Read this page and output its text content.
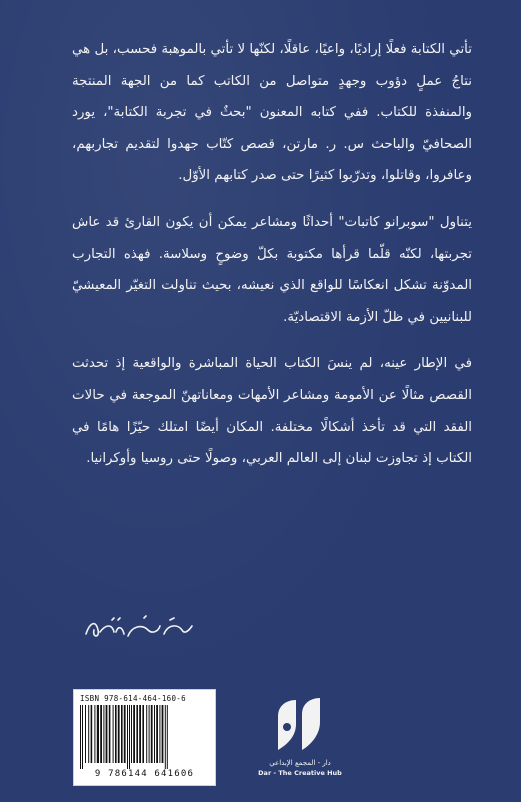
تأتي الكتابة فعلًا إراديًا، واعيًا، عاقلًا، لكنّها لا تأتي بالموهبة فحسب، بل هي نتاجُ عملٍ دؤوب وجهدٍ متواصل من الكاتب كما من الجهة المنتجة والمنفذة للكتاب. ففي كتابه المعنون "بحثٌ في تجربة الكتابة"، يورد الصحافيّ والباحث س. ر. مارتن، قصص كتّاب جهدوا لتقديم تجاربهم، وعافروا، وقاتلوا، وتدرّبوا كثيرًا حتى صدر كتابهم الأوّل.

يتناول "سوبرانو كاتبات" أحداثًا ومشاعر يمكن أن يكون القارئ قد عاش تجربتها، لكنّه قلّما قرأها مكتوبة بكلّ وضوحٍ وسلاسة. فهذه التجارب المدوّنة تشكل انعكاسًا للواقع الذي نعيشه، بحيث تناولت التغيّر المعيشيّ للبنانيين في ظلّ الأزمة الاقتصاديّة.

في الإطار عينه، لم ينسَ الكتاب الحياة المباشرة والواقعية إذ تحدثت القصص مثالًا عن الأمومة ومشاعر الأمهات ومعاناتهنّ الموجعة في حالات الفقد التي قد تأخذ أشكالًا مختلفة. المكان أيضًا امتلك حيّزًا هامًا في الكتاب إذ تجاوزت لبنان إلى العالم العربي، وصولًا حتى روسيا وأوكرانيا.

ISBN 978-614-464-160-6
9 786144 641606
دار - المجمع الإبداعي
Dar - The Creative Hub
